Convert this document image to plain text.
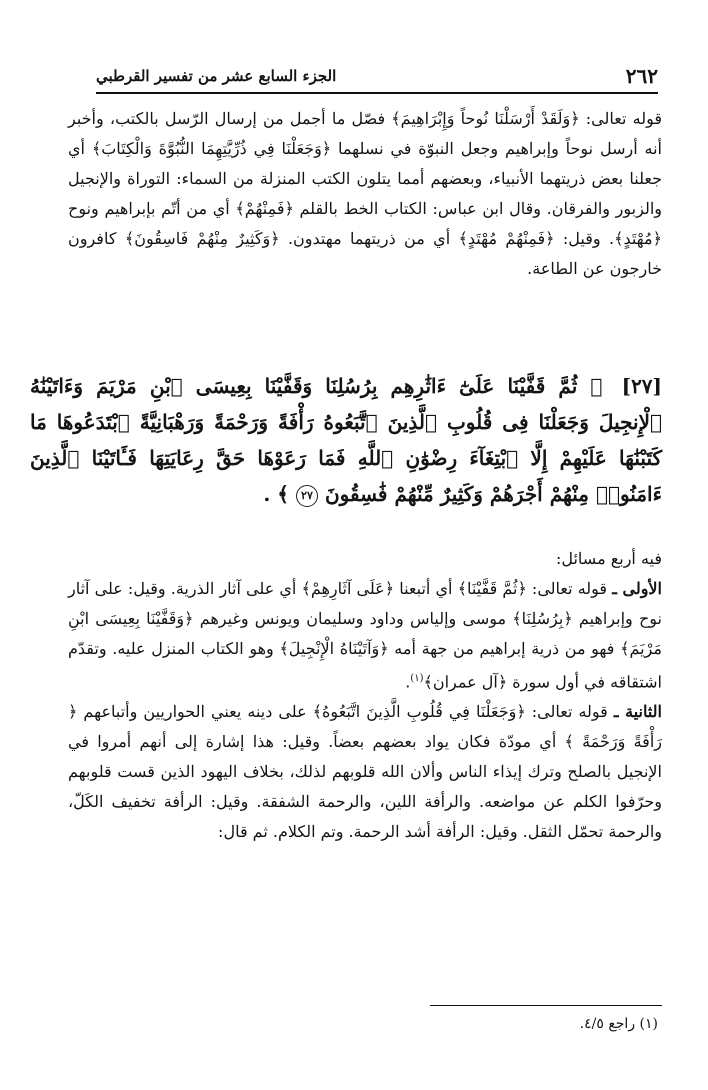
٢٦٢
الجزء السابع عشر من تفسير القرطبي

قوله تعالى: ﴿وَلَقَدْ أَرْسَلْنَا نُوحاً وَإِبْرَاهِيمَ﴾ فصّل ما أجمل من إرسال الرّسل بالكتب، وأخبر أنه أرسل نوحاً وإبراهيم وجعل النبوّة في نسلهما ﴿وَجَعَلْنَا فِي ذُرِّيَّتِهِمَا النُّبُوَّةَ وَالْكِتَابَ﴾ أي جعلنا بعض ذريتهما الأنبياء، وبعضهم أمما يتلون الكتب المنزلة من السماء: التوراة والإنجيل والزبور والفرقان. وقال ابن عباس: الكتاب الخط بالقلم ﴿فَمِنْهُمْ﴾ أي من أتّم بإبراهيم ونوح ﴿مُهْتَدٍ﴾. وقيل: ﴿فَمِنْهُمْ مُهْتَدٍ﴾ أي من ذريتهما مهتدون. ﴿وَكَثِيرٌ مِنْهُمْ فَاسِقُونَ﴾ كافرون خارجون عن الطاعة.

[٢٧] ﴿ ثُمَّ قَفَّيْنَا عَلَىٰٓ ءَاثَٰرِهِم بِرُسُلِنَا وَقَفَّيْنَا بِعِيسَى ٱبْنِ مَرْيَمَ وَءَاتَيْنَٰهُ ٱلْإِنجِيلَ وَجَعَلْنَا فِى قُلُوبِ ٱلَّذِينَ ٱتَّبَعُوهُ رَأْفَةً وَرَحْمَةً وَرَهْبَانِيَّةً ٱبْتَدَعُوهَا مَا كَتَبْنَٰهَا عَلَيْهِمْ إِلَّا ٱبْتِغَآءَ رِضْوَٰنِ ٱللَّهِ فَمَا رَعَوْهَا حَقَّ رِعَايَتِهَا فَـَٔاتَيْنَا ٱلَّذِينَ ءَامَنُوا۟ مِنْهُمْ أَجْرَهُمْ وَكَثِيرٌ مِّنْهُمْ فَٰسِقُونَ ٢٧ ﴾ .

فيه أربع مسائل:

الأولى ـ قوله تعالى: ﴿ثُمَّ قَفَّيْنَا﴾ أي أتبعنا ﴿عَلَى آثَارِهِمْ﴾ أي على آثار الذرية. وقيل: على آثار نوح وإبراهيم ﴿بِرُسُلِنَا﴾ موسى وإلياس وداود وسليمان ويونس وغيرهم ﴿وَقَفَّيْنَا بِعِيسَى ابْنِ مَرْيَمَ﴾ فهو من ذرية إبراهيم من جهة أمه ﴿وَآتَيْنَاهُ الْإِنْجِيلَ﴾ وهو الكتاب المنزل عليه. وتقدّم اشتقاقه في أول سورة ﴿آل عمران﴾$^{(١)}$.

الثانية ـ قوله تعالى: ﴿وَجَعَلْنَا فِي قُلُوبِ الَّذِينَ اتَّبَعُوهُ﴾ على دينه يعني الحواريين وأتباعهم ﴿ رَأْفَةً وَرَحْمَةً ﴾ أي مودّة فكان يواد بعضهم بعضاً. وقيل: هذا إشارة إلى أنهم أمروا في الإنجيل بالصلح وترك إيذاء الناس وألان الله قلوبهم لذلك، بخلاف اليهود الذين قست قلوبهم وحرّفوا الكلم عن مواضعه. والرأفة اللين، والرحمة الشفقة. وقيل: الرأفة تخفيف الكَلّ، والرحمة تحمّل الثقل. وقيل: الرأفة أشد الرحمة. وتم الكلام. ثم قال:

(١) راجع ٤/٥.
